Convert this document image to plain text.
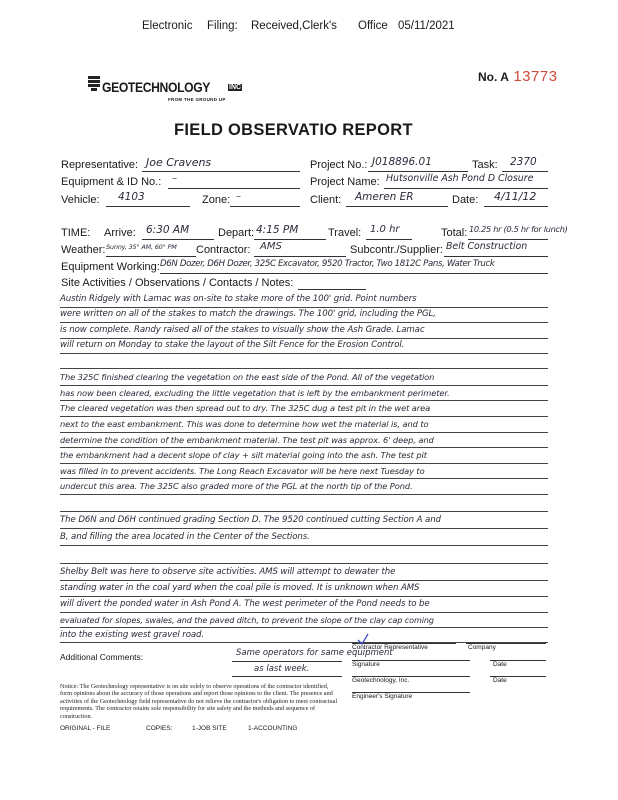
Electronic Filing: Received,Clerk's Office 05/11/2021
GEOTECHNOLOGY	INC
FROM THE GROUND UP
No. A 13773
FIELD OBSERVATIO REPORT
Representative: Joe Cravens	Project No.: J018896.01	Task: 2370
Equipment & ID No.: –	Project Name: Hutsonville Ash Pond D Closure
Vehicle: 4103	Zone: –	Client: Ameren ER	Date: 4/11/12
TIME: Arrive: 6:30 AM	Depart: 4:15 PM	Travel: 1.0 hr	Total: 10.25 hr (0.5 hr for lunch)
Weather: Sunny, 35° AM, 60° PM Contractor: AMS	Subcontr./Supplier: Belt Construction
Equipment Working: D6N Dozer, D6H Dozer, 325C Excavator, 9520 Tractor, Two 1812C Pans, Water Truck
Site Activities / Observations / Contacts / Notes:
Austin Ridgely with Lamac was on-site to stake more of the 100' grid. Point numbers
were written on all of the stakes to match the drawings. The 100' grid, including the PGL,
is now complete. Randy raised all of the stakes to visually show the Ash Grade. Lamac
will return on Monday to stake the layout of the Silt Fence for the Erosion Control.
The 325C finished clearing the vegetation on the east side of the Pond. All of the vegetation
has now been cleared, excluding the little vegetation that is left by the embankment perimeter.
The cleared vegetation was then spread out to dry. The 325C dug a test pit in the wet area
next to the east embankment. This was done to determine how wet the material is, and to
determine the condition of the embankment material. The test pit was approx. 6' deep, and
the embankment had a decent slope of clay + silt material going into the ash. The test pit
was filled in to prevent accidents. The Long Reach Excavator will be here next Tuesday to
undercut this area. The 325C also graded more of the PGL at the north tip of the Pond.
The D6N and D6H continued grading Section D. The 9520 continued cutting Section A and
B, and filling the area located in the Center of the Sections.
Shelby Belt was here to observe site activities. AMS will attempt to dewater the
standing water in the coal yard when the coal pile is moved. It is unknown when AMS
will divert the ponded water in Ash Pond A. The west perimeter of the Pond needs to be
evaluated for slopes, swales, and the paved ditch, to prevent the slope of the clay cap coming
into the existing west gravel road.
Additional Comments:	Same operators for same equipment
as last week.
Contractor Representative	Company
Signature	Date
Geotechnology, Inc.	Date
Engineer's Signature
Notice: The Geotechnology representative is on site solely to observe operations of the contractor identified, form opinions about the accuracy of those operations and report those opinions to the client. The presence and activities of the Geotechnology field representative do not relieve the contractor's obligation to meet contractual requirements. The contractor retains sole responsibility for site safety and the methods and sequence of construction.
ORIGINAL - FILE	COPIES:	1-JOB SITE	1-ACCOUNTING
